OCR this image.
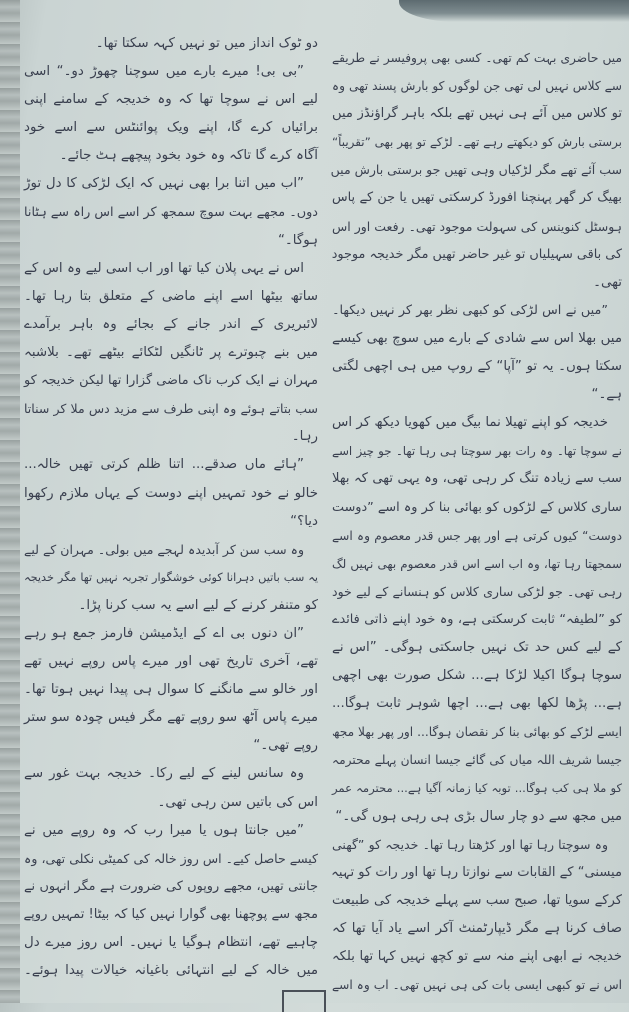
دو ٹوک انداز میں تو نہیں کہہ سکتا تھا۔
”بی بی! میرے بارے میں سوچنا چھوڑ دو۔“ اسی
لیے اس نے سوچا تھا کہ وہ خدیجہ کے سامنے اپنی
برائیاں کرے گا، اپنے ویک پوائنٹس سے اسے خود
آگاہ کرے گا تاکہ وہ خود بخود پیچھے ہٹ جائے۔
”اب میں اتنا برا بھی نہیں کہ ایک لڑکی کا دل توڑ
دوں۔ مجھے بہت سوچ سمجھ کر اسے اس راہ سے ہٹانا
ہوگا۔“
اس نے یہی پلان کیا تھا اور اب اسی لیے وہ اس کے
ساتھ بیٹھا اسے اپنے ماضی کے متعلق بتا رہا تھا۔
لائبریری کے اندر جانے کے بجائے وہ باہر برآمدے
میں بنے چبوترے پر ٹانگیں لٹکائے بیٹھے تھے۔ بلاشبہ
مہران نے ایک کرب ناک ماضی گزارا تھا لیکن خدیجہ کو
سب بتاتے ہوئے وہ اپنی طرف سے مزید دس ملا کر سناتا
رہا۔
”ہائے ماں صدقے... اتنا ظلم کرتی تھیں خالہ...
خالو نے خود تمہیں اپنے دوست کے یہاں ملازم رکھوا
دیا؟“
وہ سب سن کر آبدیدہ لہجے میں بولی۔ مہران کے لیے
یہ سب باتیں دہرانا کوئی خوشگوار تجربہ نہیں تھا مگر خدیجہ
کو متنفر کرنے کے لیے اسے یہ سب کرنا پڑا۔
”ان دنوں بی اے کے ایڈمیشن فارمز جمع ہو رہے
تھے، آخری تاریخ تھی اور میرے پاس روپے نہیں تھے
اور خالو سے مانگنے کا سوال ہی پیدا نہیں ہوتا تھا۔
میرے پاس آٹھ سو روپے تھے مگر فیس چودہ سو ستر
روپے تھی۔“
وہ سانس لینے کے لیے رکا۔ خدیجہ بہت غور سے
اس کی باتیں سن رہی تھی۔
”میں جانتا ہوں یا میرا رب کہ وہ روپے میں نے
کیسے حاصل کیے۔ اس روز خالہ کی کمیٹی نکلی تھی، وہ
جانتی تھیں، مجھے روپوں کی ضرورت ہے مگر انہوں نے
مجھ سے پوچھنا بھی گوارا نہیں کیا کہ بیٹا! تمہیں روپے
چاہیے تھے، انتظام ہوگیا یا نہیں۔ اس روز میرے دل
میں خالہ کے لیے انتہائی باغیانہ خیالات پیدا ہوئے۔
میں حاضری بہت کم تھی۔ کسی بھی پروفیسر نے طریقے
سے کلاس نہیں لی تھی جن لوگوں کو بارش پسند تھی وہ
تو کلاس میں آئے ہی نہیں تھے بلکہ باہر گراؤنڈز میں
برستی بارش کو دیکھتے رہے تھے۔ لڑکے تو پھر بھی ”تقریباً“
سب آئے تھے مگر لڑکیاں وہی تھیں جو برستی بارش میں
بھیگ کر گھر پہنچنا افورڈ کرسکتی تھیں یا جن کے پاس
ہوسٹل کنوینس کی سہولت موجود تھی۔ رفعت اور اس
کی باقی سہیلیاں تو غیر حاضر تھیں مگر خدیجہ موجود
تھی۔
”میں نے اس لڑکی کو کبھی نظر بھر کر نہیں دیکھا۔
میں بھلا اس سے شادی کے بارے میں سوچ بھی کیسے
سکتا ہوں۔ یہ تو ”آپا“ کے روپ میں ہی اچھی لگتی
ہے۔“
خدیجہ کو اپنے تھیلا نما بیگ میں کھویا دیکھ کر اس
نے سوچا تھا۔ وہ رات بھر سوچتا ہی رہا تھا۔ جو چیز اسے
سب سے زیادہ تنگ کر رہی تھی، وہ یہی تھی کہ بھلا
ساری کلاس کے لڑکوں کو بھائی بنا کر وہ اسے ”دوست
دوست“ کیوں کرتی ہے اور پھر جس قدر معصوم وہ اسے
سمجھتا رہا تھا، وہ اب اسے اس قدر معصوم بھی نہیں لگ
رہی تھی۔ جو لڑکی ساری کلاس کو ہنسانے کے لیے خود
کو ”لطیفہ“ ثابت کرسکتی ہے، وہ خود اپنے ذاتی فائدے
کے لیے کس حد تک نہیں جاسکتی ہوگی۔ ”اس نے
سوچا ہوگا اکیلا لڑکا ہے... شکل صورت بھی اچھی
ہے... پڑھا لکھا بھی ہے... اچھا شوہر ثابت ہوگا...
ایسے لڑکے کو بھائی بنا کر نقصان ہوگا... اور پھر بھلا مجھ
جیسا شریف اللہ میاں کی گائے جیسا انسان پہلے محترمہ
کو ملا ہی کب ہوگا... توبہ کیا زمانہ آگیا ہے... محترمہ عمر
میں مجھ سے دو چار سال بڑی ہی رہی ہوں گی۔“
وہ سوچتا رہا تھا اور کڑھتا رہا تھا۔ خدیجہ کو ”گھنی
میسنی“ کے القابات سے نوازتا رہا تھا اور رات کو تہیہ
کرکے سویا تھا، صبح سب سے پہلے خدیجہ کی طبیعت
صاف کرنا ہے مگر ڈیپارٹمنٹ آکر اسے یاد آیا تھا کہ
خدیجہ نے ابھی اپنے منہ سے تو کچھ نہیں کہا تھا بلکہ
اس نے تو کبھی ایسی بات کی ہی نہیں تھی۔ اب وہ اسے
